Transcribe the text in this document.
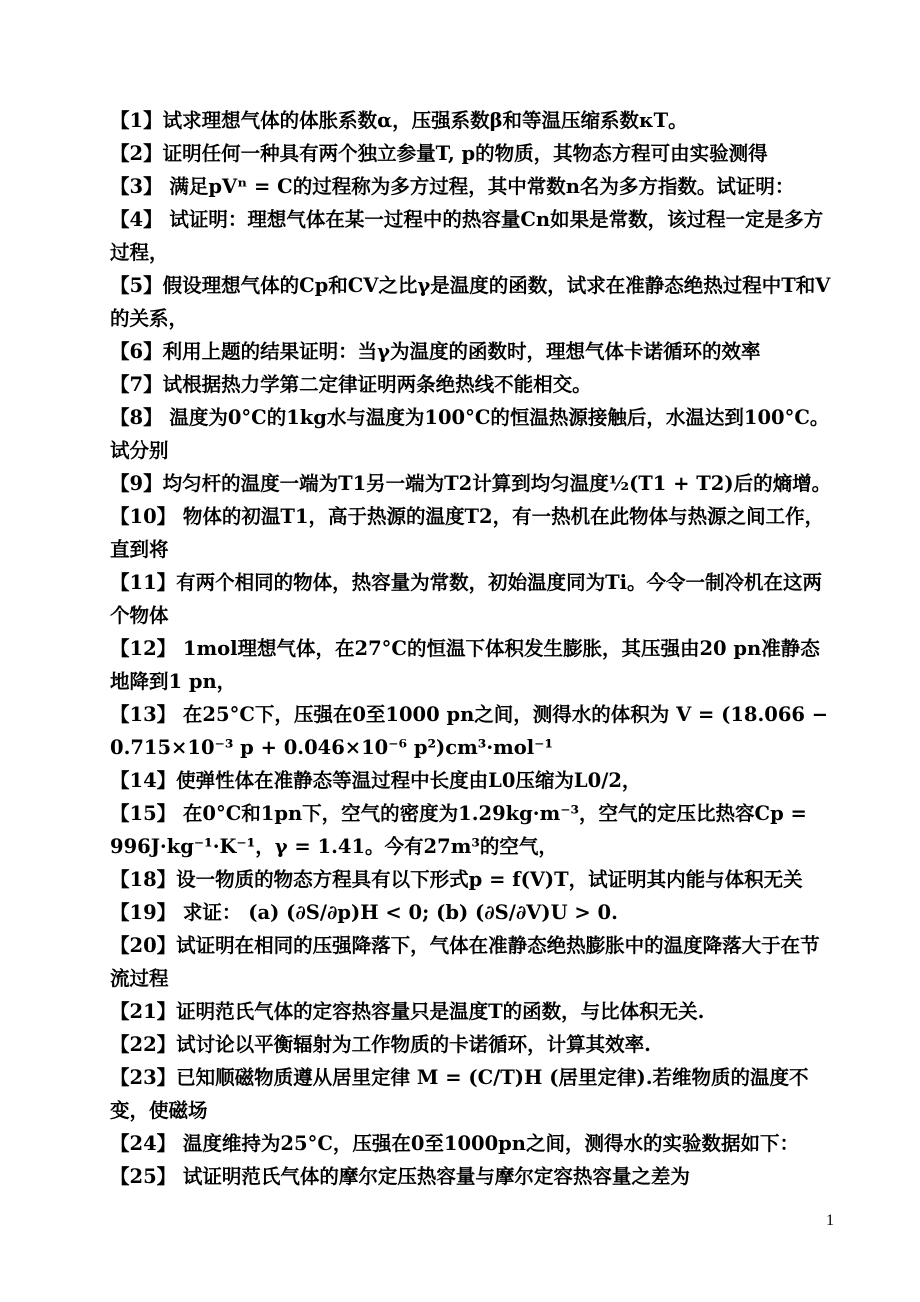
【1】试求理想气体的体胀系数α，压强系数β和等温压缩系数κT。

【2】证明任何一种具有两个独立参量T, p的物质，其物态方程可由实验测得

【3】 满足pVⁿ = C的过程称为多方过程，其中常数n名为多方指数。试证明：

【4】 试证明：理想气体在某一过程中的热容量Cn如果是常数，该过程一定是多方过程，

【5】假设理想气体的Cp和CV之比γ是温度的函数，试求在准静态绝热过程中T和V的关系，

【6】利用上题的结果证明：当γ为温度的函数时，理想气体卡诺循环的效率

【7】试根据热力学第二定律证明两条绝热线不能相交。

【8】 温度为0°C的1kg水与温度为100°C的恒温热源接触后，水温达到100°C。试分别

【9】均匀杆的温度一端为T1另一端为T2计算到均匀温度½(T1 + T2)后的熵增。

【10】 物体的初温T1，高于热源的温度T2，有一热机在此物体与热源之间工作，直到将

【11】有两个相同的物体，热容量为常数，初始温度同为Ti。今令一制冷机在这两个物体

【12】 1mol理想气体，在27°C的恒温下体积发生膨胀，其压强由20 pn准静态地降到1 pn，

【13】 在25°C下，压强在0至1000 pn之间，测得水的体积为 V = (18.066 − 0.715×10⁻³ p + 0.046×10⁻⁶ p²)cm³·mol⁻¹

【14】使弹性体在准静态等温过程中长度由L0压缩为L0/2，

【15】 在0°C和1pn下，空气的密度为1.29kg·m⁻³，空气的定压比热容Cp = 996J·kg⁻¹·K⁻¹，γ = 1.41。今有27m³的空气，

【18】设一物质的物态方程具有以下形式p = f(V)T，试证明其内能与体积无关

【19】 求证： (a) (∂S/∂p)H < 0; (b) (∂S/∂V)U > 0.

【20】试证明在相同的压强降落下，气体在准静态绝热膨胀中的温度降落大于在节流过程

【21】证明范氏气体的定容热容量只是温度T的函数，与比体积无关.

【22】试讨论以平衡辐射为工作物质的卡诺循环，计算其效率.

【23】已知顺磁物质遵从居里定律 M = (C/T)H (居里定律).若维物质的温度不变，使磁场

【24】 温度维持为25°C，压强在0至1000pn之间，测得水的实验数据如下：

【25】 试证明范氏气体的摩尔定压热容量与摩尔定容热容量之差为

1
